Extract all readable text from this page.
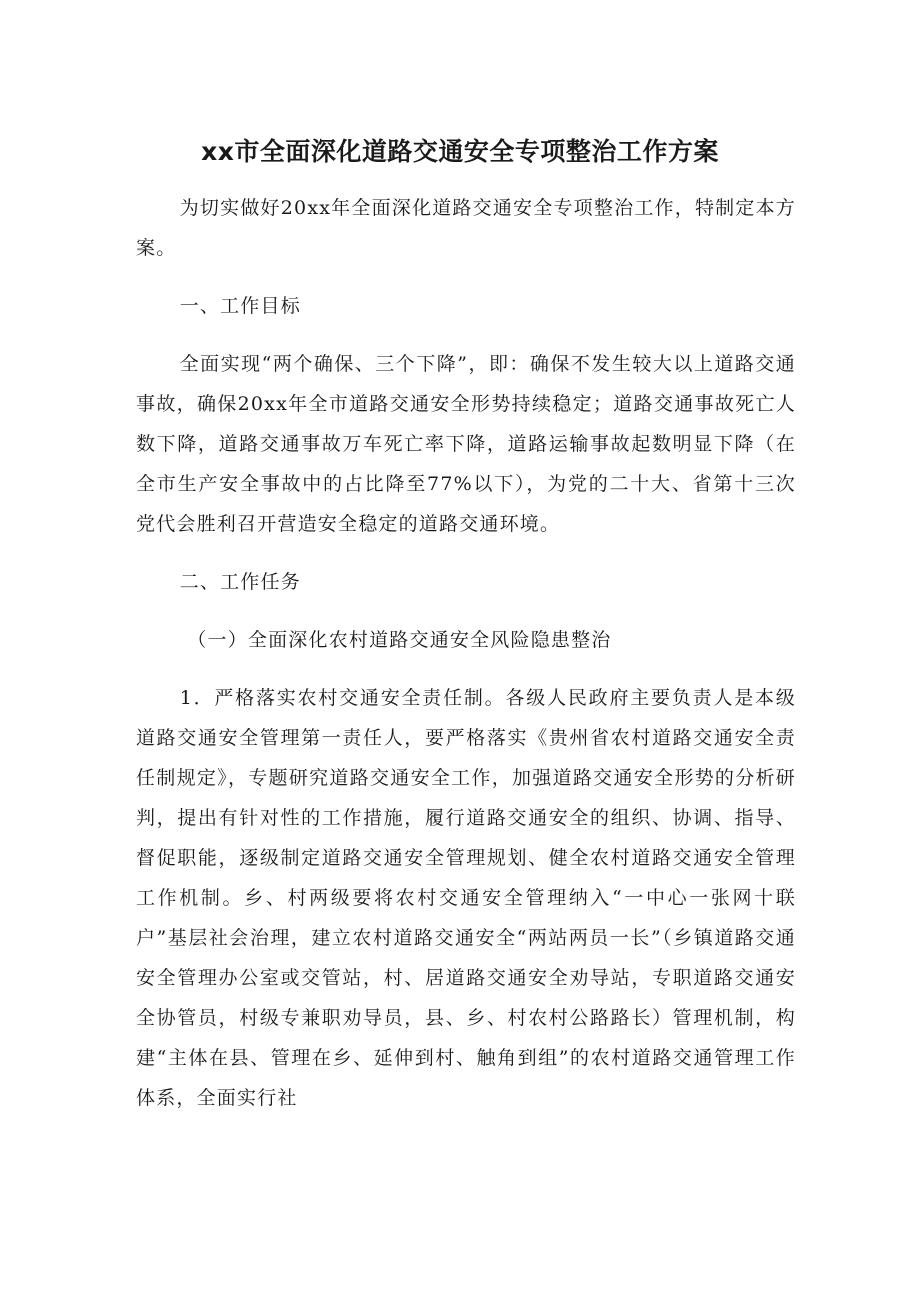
xx市全面深化道路交通安全专项整治工作方案

为切实做好20xx年全面深化道路交通安全专项整治工作，特制定本方案。

一、工作目标

全面实现“两个确保、三个下降”，即：确保不发生较大以上道路交通事故，确保20xx年全市道路交通安全形势持续稳定；道路交通事故死亡人数下降，道路交通事故万车死亡率下降，道路运输事故起数明显下降（在全市生产安全事故中的占比降至77%以下），为党的二十大、省第十三次党代会胜利召开营造安全稳定的道路交通环境。

二、工作任务

（一）全面深化农村道路交通安全风险隐患整治

1．严格落实农村交通安全责任制。各级人民政府主要负责人是本级道路交通安全管理第一责任人，要严格落实《贵州省农村道路交通安全责任制规定》，专题研究道路交通安全工作，加强道路交通安全形势的分析研判，提出有针对性的工作措施，履行道路交通安全的组织、协调、指导、督促职能，逐级制定道路交通安全管理规划、健全农村道路交通安全管理工作机制。乡、村两级要将农村交通安全管理纳入“一中心一张网十联户”基层社会治理，建立农村道路交通安全“两站两员一长”（乡镇道路交通安全管理办公室或交管站，村、居道路交通安全劝导站，专职道路交通安全协管员，村级专兼职劝导员，县、乡、村农村公路路长）管理机制，构建“主体在县、管理在乡、延伸到村、触角到组”的农村道路交通管理工作体系，全面实行社
